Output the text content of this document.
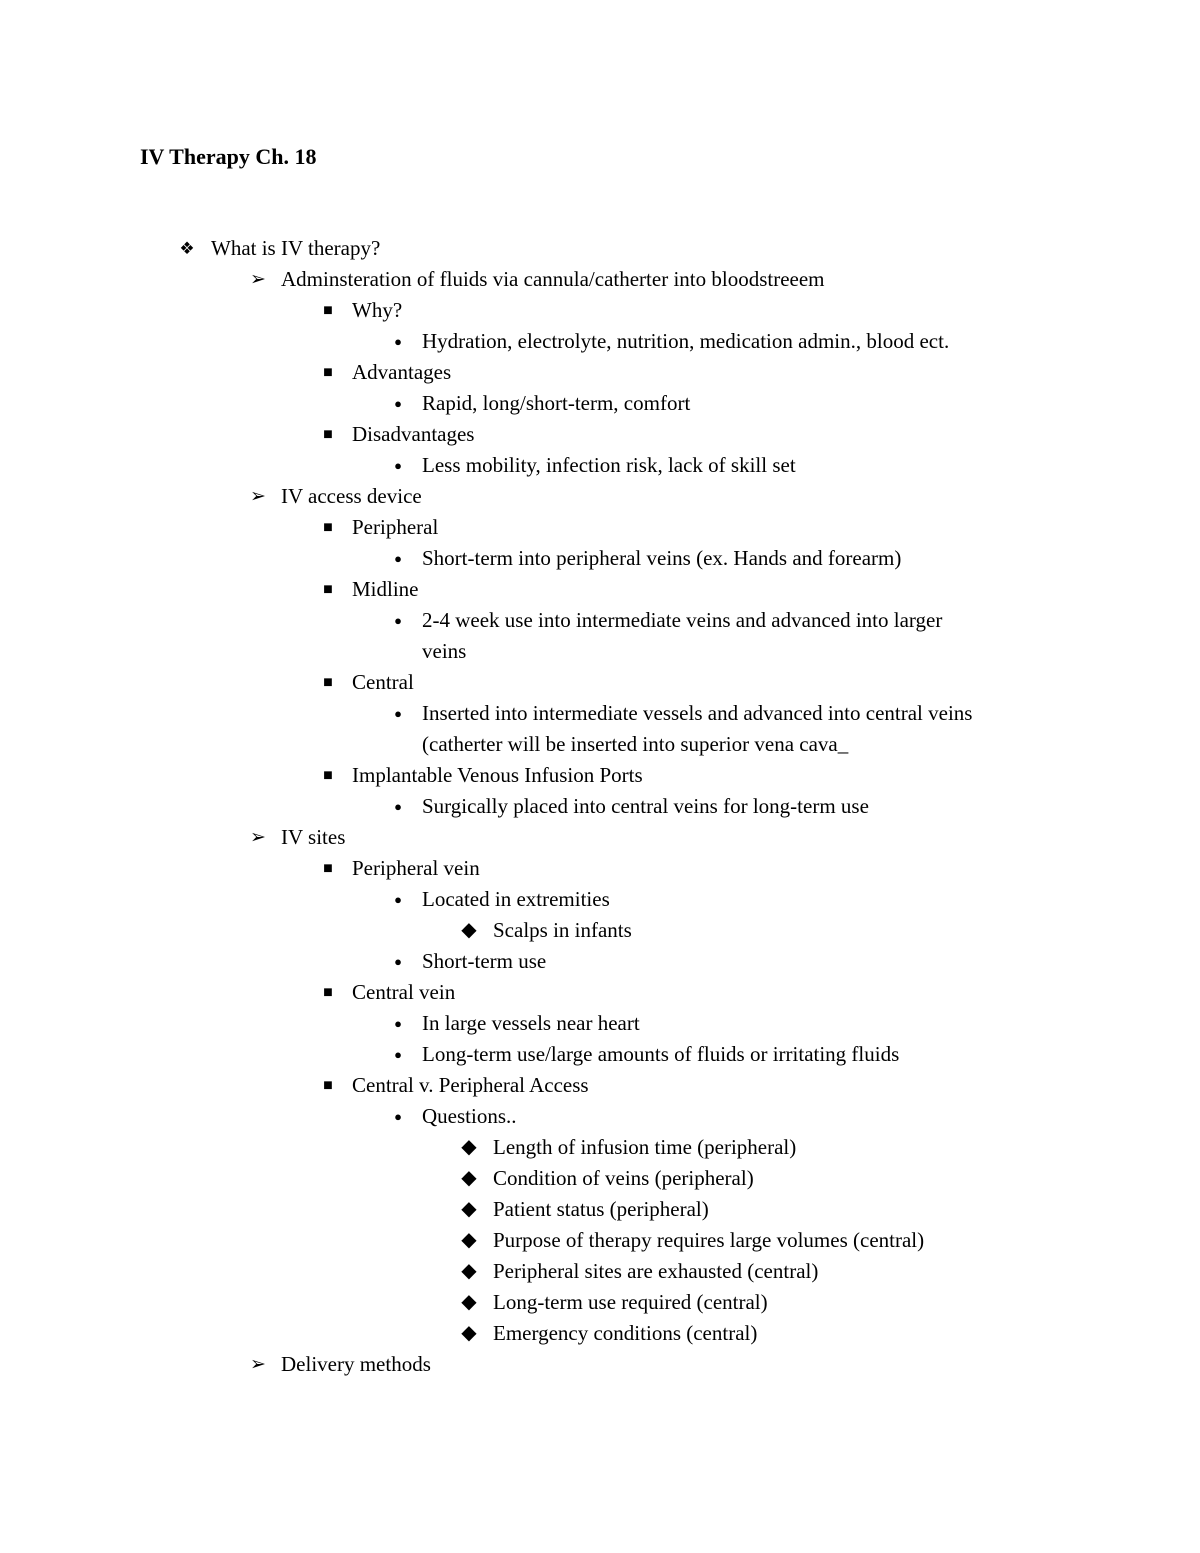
IV Therapy Ch. 18
❖ What is IV therapy?
➢ Adminsteration of fluids via cannula/catherter into bloodstreeem
■ Why?
● Hydration, electrolyte, nutrition, medication admin., blood ect.
■ Advantages
● Rapid, long/short-term, comfort
■ Disadvantages
● Less mobility, infection risk, lack of skill set
➢ IV access device
■ Peripheral
● Short-term into peripheral veins (ex. Hands and forearm)
■ Midline
● 2-4 week use into intermediate veins and advanced into larger
veins
■ Central
● Inserted into intermediate vessels and advanced into central veins
(catherter will be inserted into superior vena cava_
■ Implantable Venous Infusion Ports
● Surgically placed into central veins for long-term use
➢ IV sites
■ Peripheral vein
● Located in extremities
◆ Scalps in infants
● Short-term use
■ Central vein
● In large vessels near heart
● Long-term use/large amounts of fluids or irritating fluids
■ Central v. Peripheral Access
● Questions..
◆ Length of infusion time (peripheral)
◆ Condition of veins (peripheral)
◆ Patient status (peripheral)
◆ Purpose of therapy requires large volumes (central)
◆ Peripheral sites are exhausted (central)
◆ Long-term use required (central)
◆ Emergency conditions (central)
➢ Delivery methods
